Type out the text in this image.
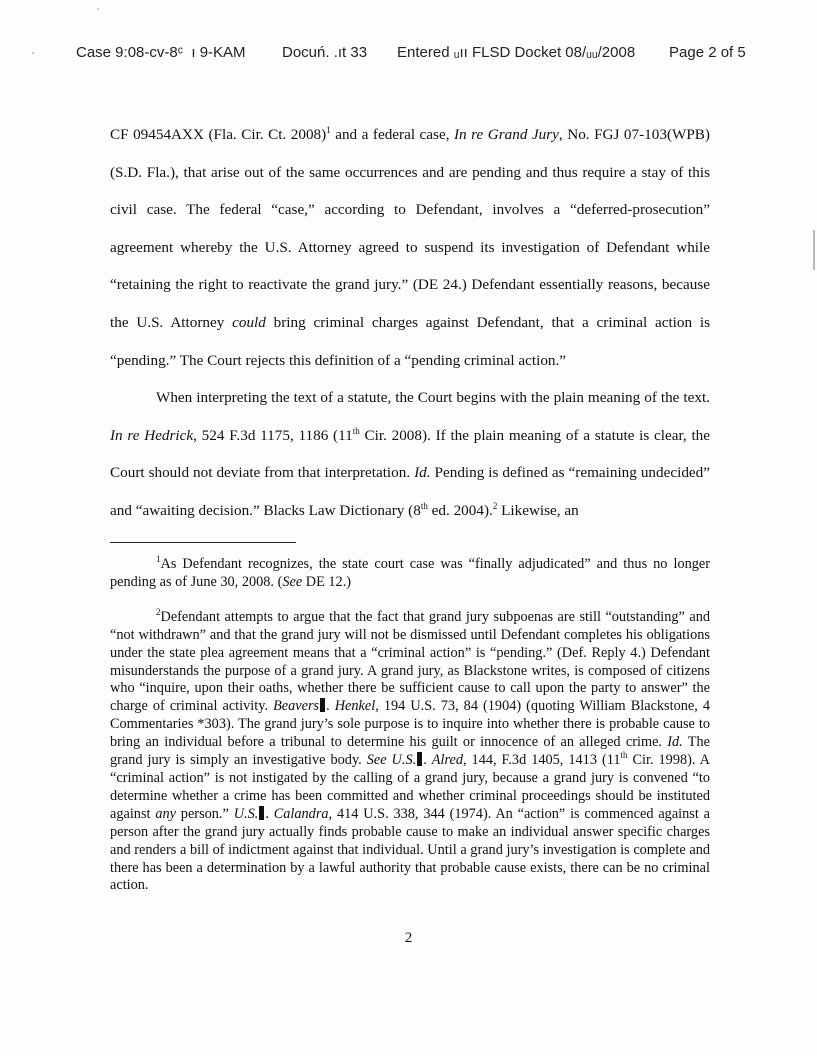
Case 9:08-cv-8ᶜ  ı 9-KAM	Docuń. .ıt 33	Entered ᵤıı FLSD Docket 08/ᵤᵤ/2008	Page 2 of 5

CF 09454AXX (Fla. Cir. Ct. 2008)$^1$ and a federal case, In re Grand Jury, No. FGJ 07-103(WPB) (S.D. Fla.), that arise out of the same occurrences and are pending and thus require a stay of this civil case. The federal “case,” according to Defendant, involves a “deferred-prosecution” agreement whereby the U.S. Attorney agreed to suspend its investigation of Defendant while “retaining the right to reactivate the grand jury.” (DE 24.) Defendant essentially reasons, because the U.S. Attorney could bring criminal charges against Defendant, that a criminal action is “pending.” The Court rejects this definition of a “pending criminal action.”

When interpreting the text of a statute, the Court begins with the plain meaning of the text. In re Hedrick, 524 F.3d 1175, 1186 (11th Cir. 2008). If the plain meaning of a statute is clear, the Court should not deviate from that interpretation. Id. Pending is defined as “remaining undecided” and “awaiting decision.” Blacks Law Dictionary (8th ed. 2004).$^2$ Likewise, an

$^1$As Defendant recognizes, the state court case was “finally adjudicated” and thus no longer pending as of June 30, 2008. (See DE 12.)

$^2$Defendant attempts to argue that the fact that grand jury subpoenas are still “outstanding” and “not withdrawn” and that the grand jury will not be dismissed until Defendant completes his obligations under the state plea agreement means that a “criminal action” is “pending.” (Def. Reply 4.) Defendant misunderstands the purpose of a grand jury. A grand jury, as Blackstone writes, is composed of citizens who “inquire, upon their oaths, whether there be sufficient cause to call upon the party to answer” the charge of criminal activity. Beavers . Henkel, 194 U.S. 73, 84 (1904) (quoting William Blackstone, 4 Commentaries *303). The grand jury’s sole purpose is to inquire into whether there is probable cause to bring an individual before a tribunal to determine his guilt or innocence of an alleged crime. Id. The grand jury is simply an investigative body. See U.S. . Alred, 144, F.3d 1405, 1413 (11th Cir. 1998). A “criminal action” is not instigated by the calling of a grand jury, because a grand jury is convened “to determine whether a crime has been committed and whether criminal proceedings should be instituted against any person.” U.S. . Calandra, 414 U.S. 338, 344 (1974). An “action” is commenced against a person after the grand jury actually finds probable cause to make an individual answer specific charges and renders a bill of indictment against that individual. Until a grand jury’s investigation is complete and there has been a determination by a lawful authority that probable cause exists, there can be no criminal action.

2
